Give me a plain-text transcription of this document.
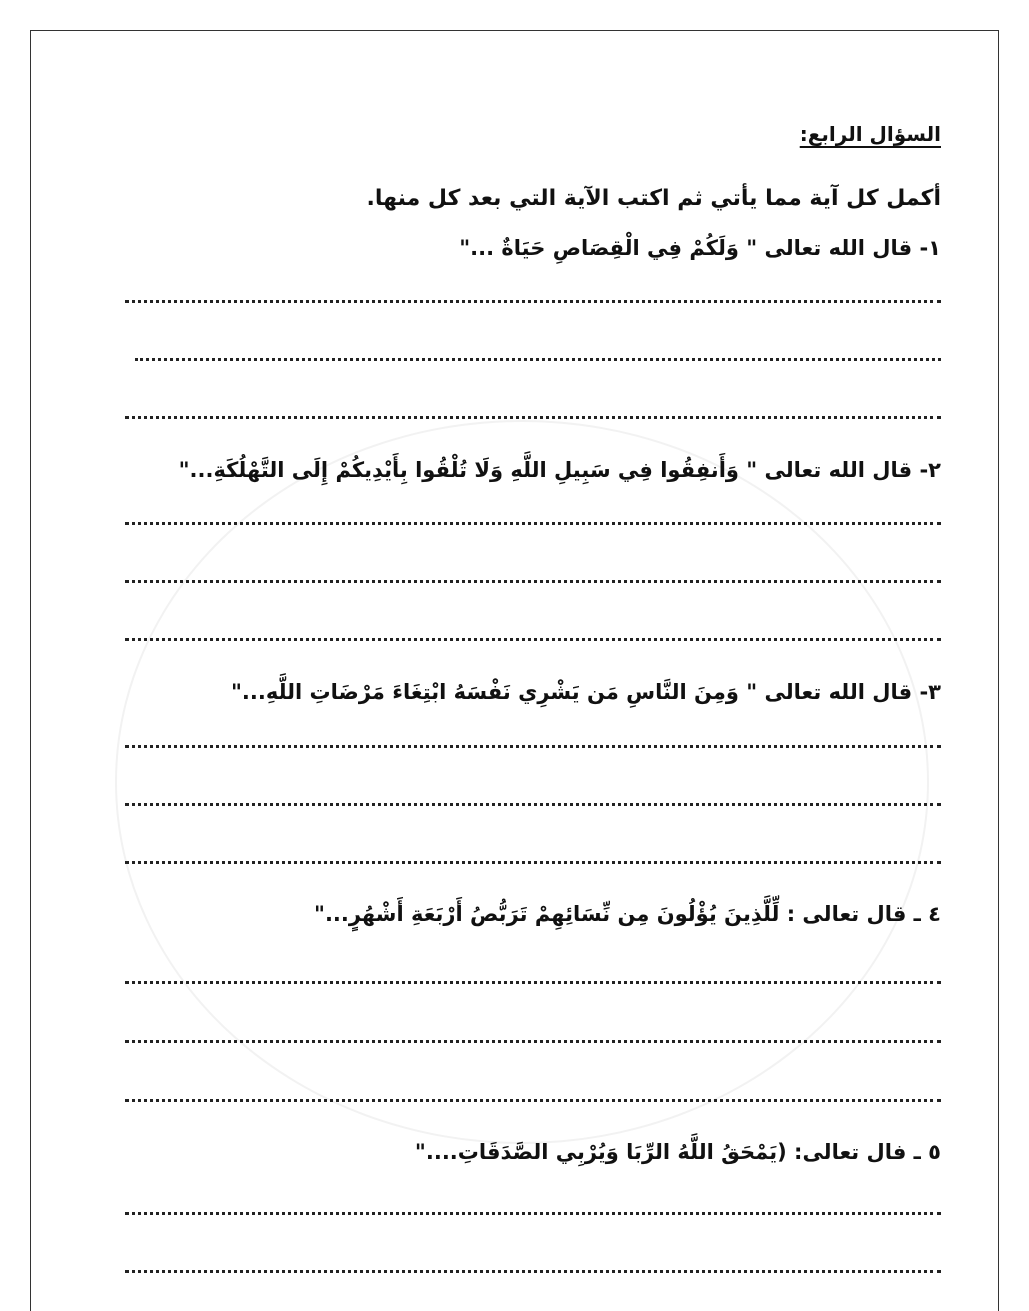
السؤال الرابع:
أكمل كل آية مما يأتي ثم اكتب الآية التي بعد كل منها.
١- قال الله تعالى " وَلَكُمْ فِي الْقِصَاصِ حَيَاةٌ ..."
٢- قال الله تعالى " وَأَنفِقُوا فِي سَبِيلِ اللَّهِ وَلَا تُلْقُوا بِأَيْدِيكُمْ إِلَى التَّهْلُكَةِ..."
٣- قال الله تعالى " وَمِنَ النَّاسِ مَن يَشْرِي نَفْسَهُ ابْتِغَاءَ مَرْضَاتِ اللَّهِ..."
٤ ـ قال تعالى : لِّلَّذِينَ يُؤْلُونَ مِن نِّسَائِهِمْ تَرَبُّصُ أَرْبَعَةِ أَشْهُرٍ..."
٥ ـ فال تعالى: (يَمْحَقُ اللَّهُ الرِّبَا وَيُرْبِي الصَّدَقَاتِ...."
